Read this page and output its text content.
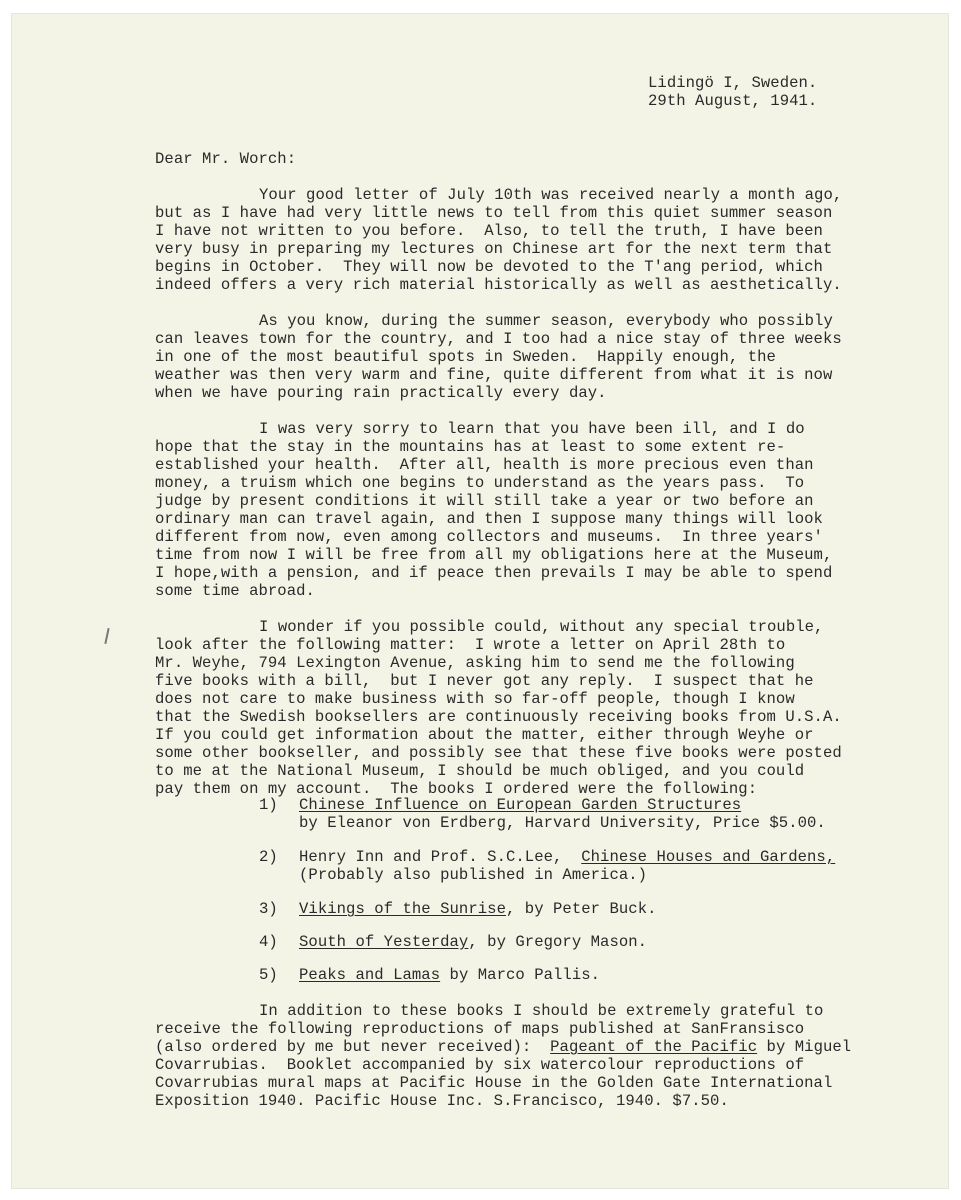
Lidingö I, Sweden.
29th August, 1941.
Dear Mr. Worch:
Your good letter of July 10th was received nearly a month ago,
but as I have had very little news to tell from this quiet summer season
I have not written to you before.  Also, to tell the truth, I have been
very busy in preparing my lectures on Chinese art for the next term that
begins in October.  They will now be devoted to the T'ang period, which
indeed offers a very rich material historically as well as aesthetically.
As you know, during the summer season, everybody who possibly
can leaves town for the country, and I too had a nice stay of three weeks
in one of the most beautiful spots in Sweden.  Happily enough, the
weather was then very warm and fine, quite different from what it is now
when we have pouring rain practically every day.
I was very sorry to learn that you have been ill, and I do
hope that the stay in the mountains has at least to some extent re-
established your health.  After all, health is more precious even than
money, a truism which one begins to understand as the years pass.  To
judge by present conditions it will still take a year or two before an
ordinary man can travel again, and then I suppose many things will look
different from now, even among collectors and museums.  In three years'
time from now I will be free from all my obligations here at the Museum,
I hope,with a pension, and if peace then prevails I may be able to spend
some time abroad.
I wonder if you possible could, without any special trouble,
look after the following matter:  I wrote a letter on April 28th to
Mr. Weyhe, 794 Lexington Avenue, asking him to send me the following
five books with a bill,  but I never got any reply.  I suspect that he
does not care to make business with so far-off people, though I know
that the Swedish booksellers are continuously receiving books from U.S.A.
If you could get information about the matter, either through Weyhe or
some other bookseller, and possibly see that these five books were posted
to me at the National Museum, I should be much obliged, and you could
pay them on my account.  The books I ordered were the following:
1) Chinese Influence on European Garden Structures
by Eleanor von Erdberg, Harvard University, Price $5.00.
2) Henry Inn and Prof. S.C.Lee,  Chinese Houses and Gardens,
(Probably also published in America.)
3) Vikings of the Sunrise, by Peter Buck.
4) South of Yesterday, by Gregory Mason.
5) Peaks and Lamas by Marco Pallis.
In addition to these books I should be extremely grateful to
receive the following reproductions of maps published at SanFransisco
(also ordered by me but never received):  Pageant of the Pacific by Miguel
Covarrubias.  Booklet accompanied by six watercolour reproductions of
Covarrubias mural maps at Pacific House in the Golden Gate International
Exposition 1940. Pacific House Inc. S.Francisco, 1940. $7.50.
